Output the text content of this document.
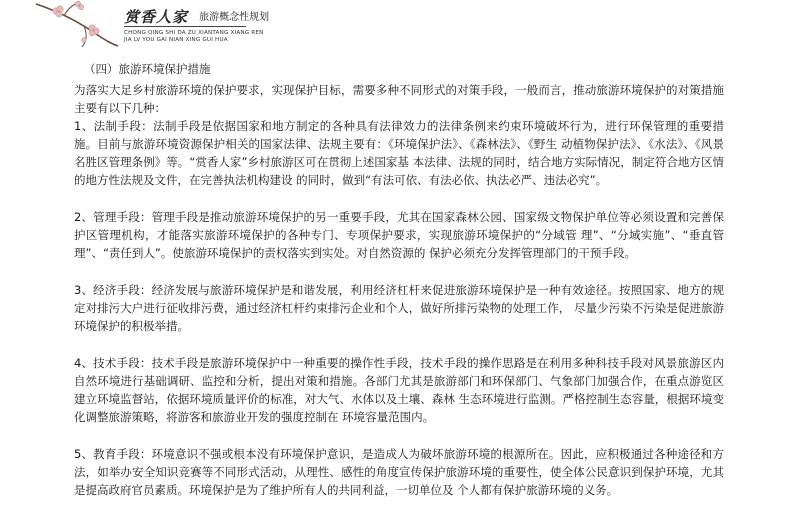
赏香人家 旅游概念性规划
CHONG QING SHI DA ZU XIANTANG XIANG REN
JIA LV YOU GAI NIAN XING GUI HUA
（四）旅游环境保护措施

为落实大足乡村旅游环境的保护要求，实现保护目标，需要多种不同形式的对策手段，一般而言，推动旅游环境保护的对策措施主要有以下几种：

1、法制手段：法制手段是依据国家和地方制定的各种具有法律效力的法律条例来约束环境破坏行为，进行环保管理的重要措施。目前与旅游环境资源保护相关的国家法律、法规主要有：《环境保护法》、《森林法》、《野生 动植物保护法》、《水法》、《风景名胜区管理条例》等。“赏香人家”乡村旅游区可在贯彻上述国家基 本法律、法规的同时，结合地方实际情况，制定符合地方区情的地方性法规及文件，在完善执法机构建设 的同时，做到“有法可依、有法必依、执法必严、违法必究”。

2、管理手段：管理手段是推动旅游环境保护的另一重要手段，尤其在国家森林公园、国家级文物保护单位等必须设置和完善保护区管理机构，才能落实旅游环境保护的各种专门、专项保护要求，实现旅游环境保护的“分域管 理”、“分域实施”、“垂直管理”、“责任到人”。使旅游环境保护的责权落实到实处。对自然资源的 保护必须充分发挥管理部门的干预手段。

3、经济手段：经济发展与旅游环境保护是和谐发展，利用经济杠杆来促进旅游环境保护是一种有效途径。按照国家、地方的规定对排污大户进行征收排污费，通过经济杠杆约束排污企业和个人，做好所排污染物的处理工作， 尽量少污染不污染是促进旅游环境保护的积极举措。

4、技术手段：技术手段是旅游环境保护中一种重要的操作性手段，技术手段的操作思路是在利用多种科技手段对风景旅游区内自然环境进行基础调研、监控和分析，提出对策和措施。各部门尤其是旅游部门和环保部门、气象部门加强合作，在重点游览区建立环境监督站，依据环境质量评价的标准，对大气、水体以及土壤、森林 生态环境进行监测。严格控制生态容量，根据环境变化调整旅游策略，将游客和旅游业开发的强度控制在 环境容量范围内。

5、教育手段：环境意识不强或根本没有环境保护意识，是造成人为破坏旅游环境的根源所在。因此，应积极通过各种途径和方法，如举办安全知识竞赛等不同形式活动，从理性、感性的角度宣传保护旅游环境的重要性，使全体公民意识到保护环境，尤其是提高政府官员素质。环境保护是为了维护所有人的共同利益，一切单位及 个人都有保护旅游环境的义务。
